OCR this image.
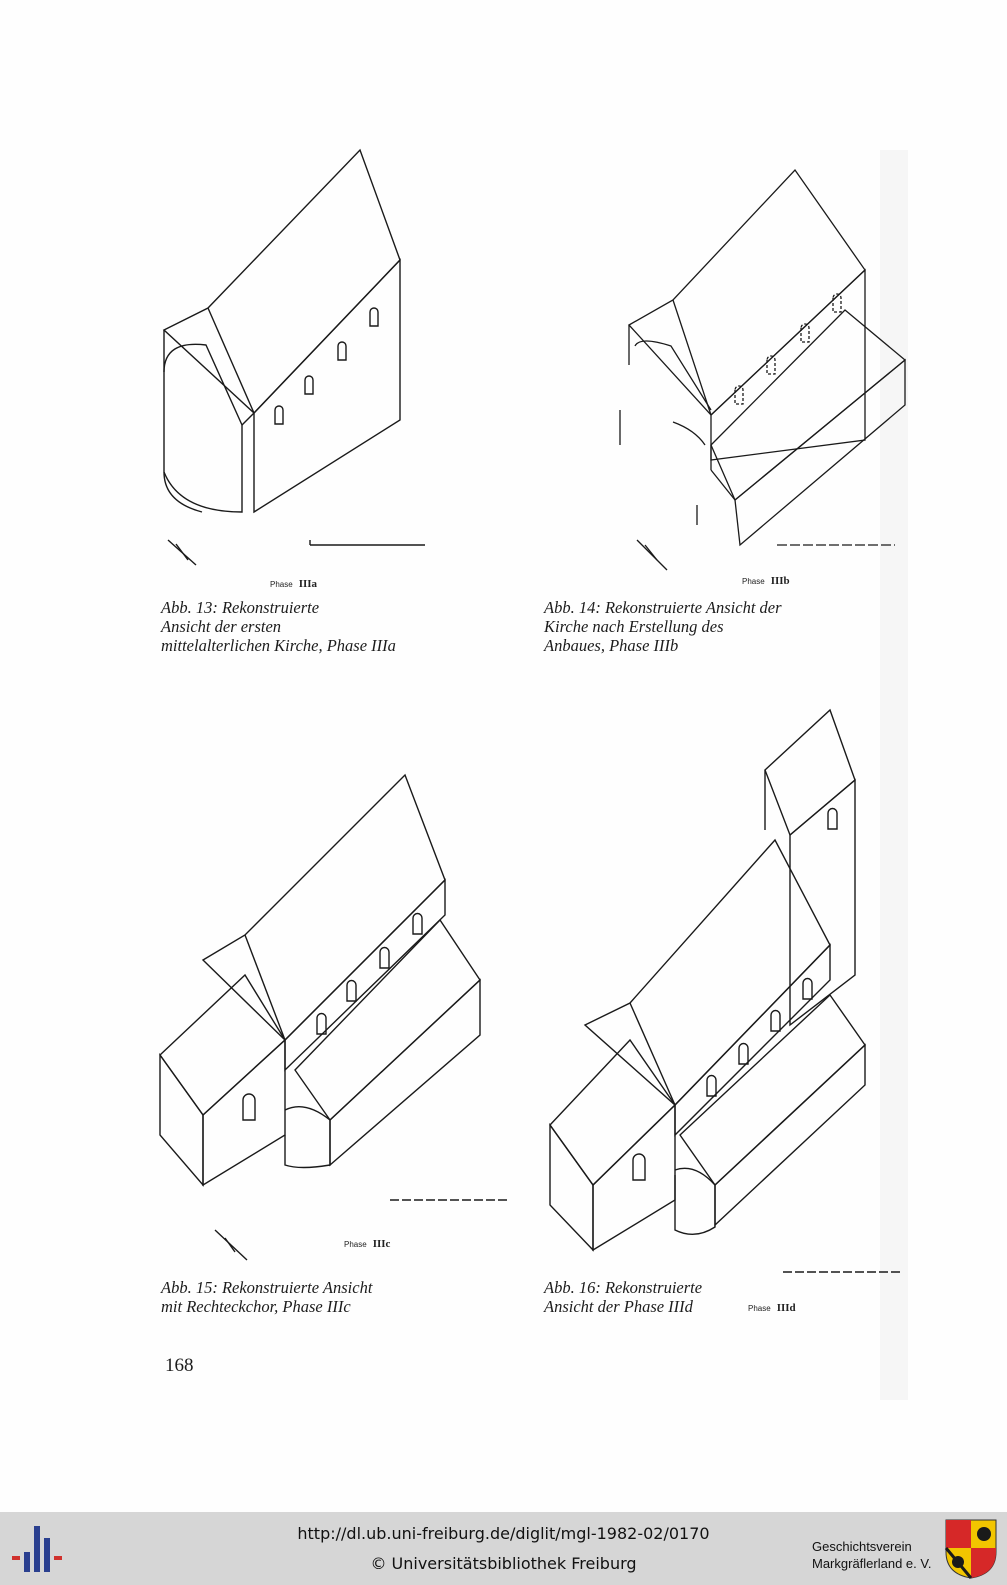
Phase IIIa
Abb. 13: Rekonstruierte
Ansicht der ersten
mittelalterlichen Kirche, Phase IIIa
Phase IIIb
Abb. 14: Rekonstruierte Ansicht der
Kirche nach Erstellung des
Anbaues, Phase IIIb
Phase IIIc
Abb. 15: Rekonstruierte Ansicht
mit Rechteckchor, Phase IIIc	Phase IIId
Abb. 16: Rekonstruierte
Ansicht der Phase IIId
168
http://dl.ub.uni-freiburg.de/diglit/mgl-1982-02/0170
© Universitätsbibliothek Freiburg
Geschichtsverein
Markgräflerland e. V.
